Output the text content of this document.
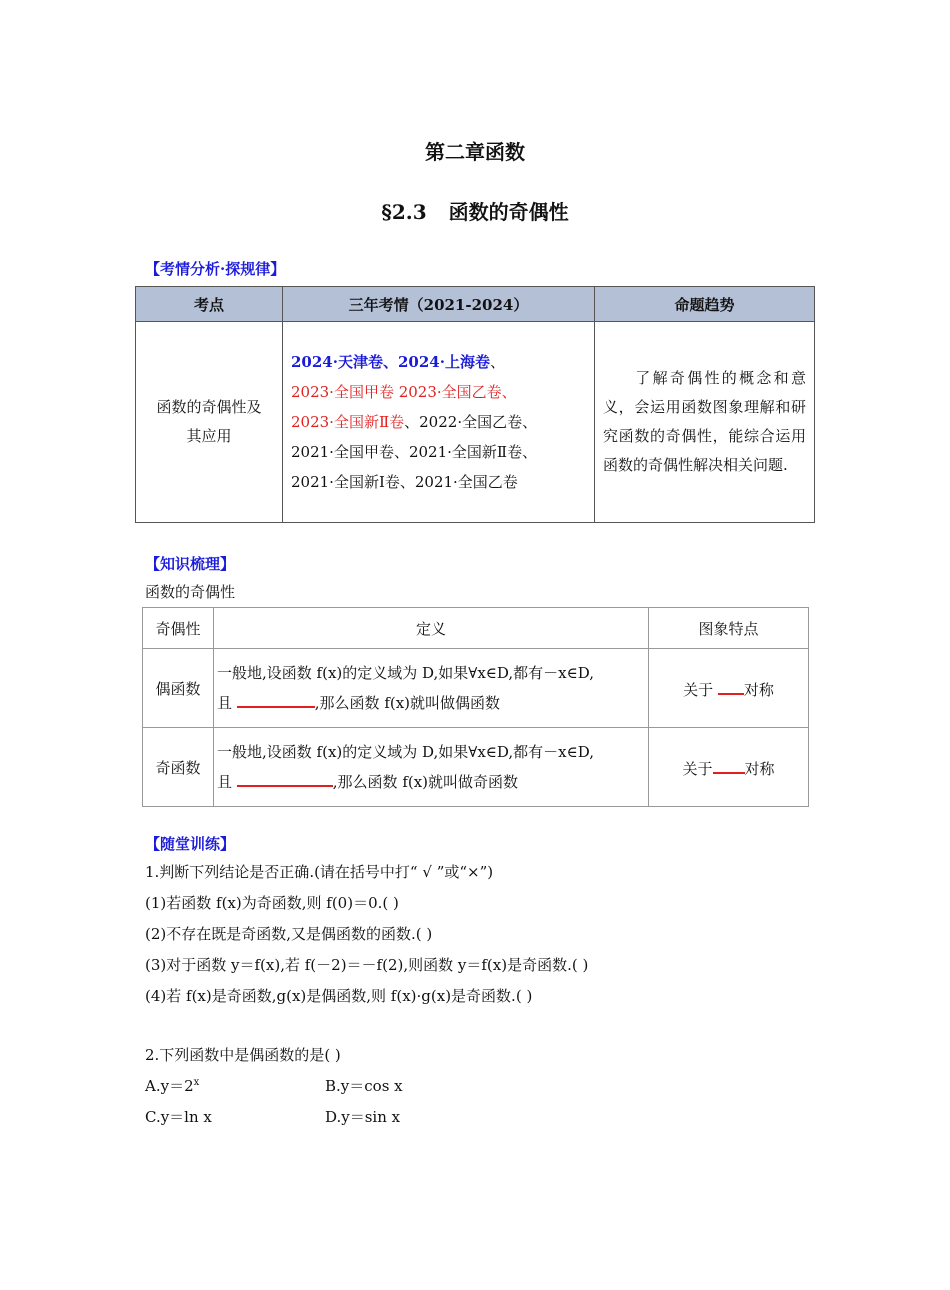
第二章函数
§2.3 函数的奇偶性
【考情分析·探规律】
考点	三年考情（2021-2024）	命题趋势
函数的奇偶性及其应用	2024·天津卷、2024·上海卷、
2023·全国甲卷 2023·全国乙卷、
2023·全国新Ⅱ卷、2022·全国乙卷、
2021·全国甲卷、2021·全国新Ⅱ卷、
2021·全国新Ⅰ卷、2021·全国乙卷	了解奇偶性的概念和意义，会运用函数图象理解和研究函数的奇偶性，能综合运用函数的奇偶性解决相关问题.
【知识梳理】
函数的奇偶性
奇偶性	定义	图象特点
偶函数	一般地,设函数 f(x)的定义域为 D,如果∀x∈D,都有－x∈D,
且 ,那么函数 f(x)就叫做偶函数	关于 对称
奇函数	一般地,设函数 f(x)的定义域为 D,如果∀x∈D,都有－x∈D,
且 ,那么函数 f(x)就叫做奇函数	关于 对称
【随堂训练】
1.判断下列结论是否正确.(请在括号中打“ √ ”或“×”)
(1)若函数 f(x)为奇函数,则 f(0)＝0.( )
(2)不存在既是奇函数,又是偶函数的函数.( )
(3)对于函数 y＝f(x),若 f(－2)＝－f(2),则函数 y＝f(x)是奇函数.( )
(4)若 f(x)是奇函数,g(x)是偶函数,则 f(x)·g(x)是奇函数.( )
2.下列函数中是偶函数的是( )
$A.y=2^x$	B.y＝cos x
C.y＝ln x	D.y＝sin x
